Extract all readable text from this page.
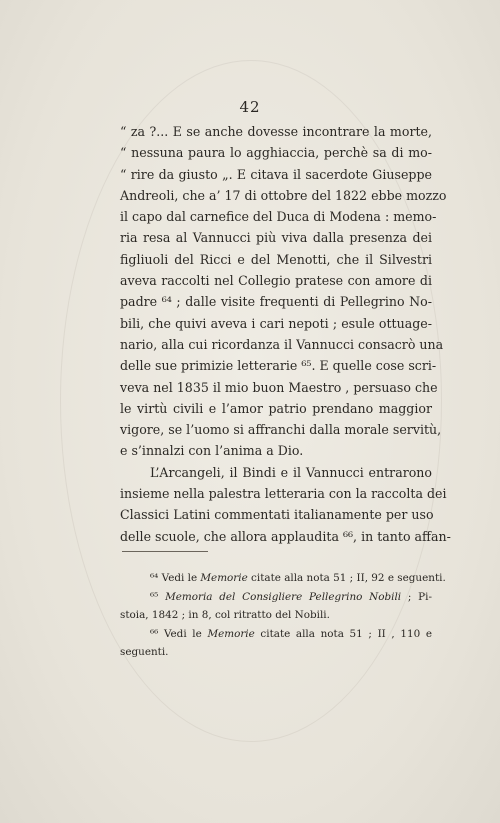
42
“ za ?... E se anche dovesse incontrare la morte,
“ nessuna paura lo agghiaccia, perchè sa di mo-
“ rire da giusto „. E citava il sacerdote Giuseppe
Andreoli, che a’ 17 di ottobre del 1822 ebbe mozzo
il capo dal carnefice del Duca di Modena : memo-
ria resa al Vannucci più viva dalla presenza dei
figliuoli del Ricci e del Menotti, che il Silvestri
aveva raccolti nel Collegio pratese con amore di
padre ⁶⁴ ; dalle visite frequenti di Pellegrino No-
bili, che quivi aveva i cari nepoti ; esule ottuage-
nario, alla cui ricordanza il Vannucci consacrò una
delle sue primizie letterarie ⁶⁵. E quelle cose scri-
veva nel 1835 il mio buon Maestro , persuaso che
le virtù civili e l’amor patrio prendano maggior
vigore, se l’uomo si affranchi dalla morale servitù,
e s’innalzi con l’anima a Dio.
L’Arcangeli, il Bindi e il Vannucci entrarono
insieme nella palestra letteraria con la raccolta dei
Classici Latini commentati italianamente per uso
delle scuole, che allora applaudita ⁶⁶, in tanto affan-
⁶⁴ Vedi le Memorie citate alla nota 51 ; II, 92 e seguenti.
⁶⁵ Memoria del Consigliere Pellegrino Nobili ; Pi-
stoia, 1842 ; in 8, col ritratto del Nobili.
⁶⁶ Vedi le Memorie citate alla nota 51 ; II , 110 e
seguenti.
